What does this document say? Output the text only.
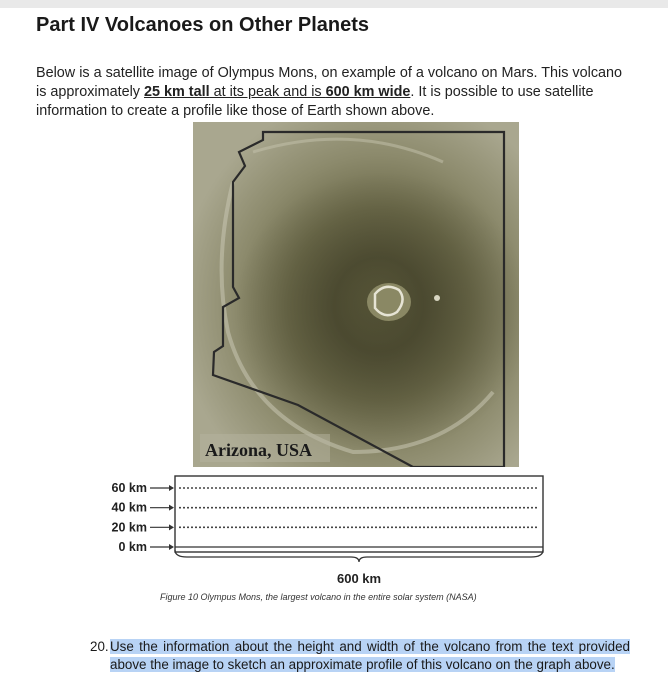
Part IV Volcanoes on Other Planets
Below is a satellite image of Olympus Mons, on example of a volcano on Mars. This volcano is approximately 25 km tall at its peak and is 600 km wide. It is possible to use satellite information to create a profile like those of Earth shown above.
Arizona, USA
60 km
40 km
20 km
0 km
600 km
Figure 10 Olympus Mons, the largest volcano in the entire solar system (NASA)
20. Use the information about the height and width of the volcano from the text provided above the image to sketch an approximate profile of this volcano on the graph above.
